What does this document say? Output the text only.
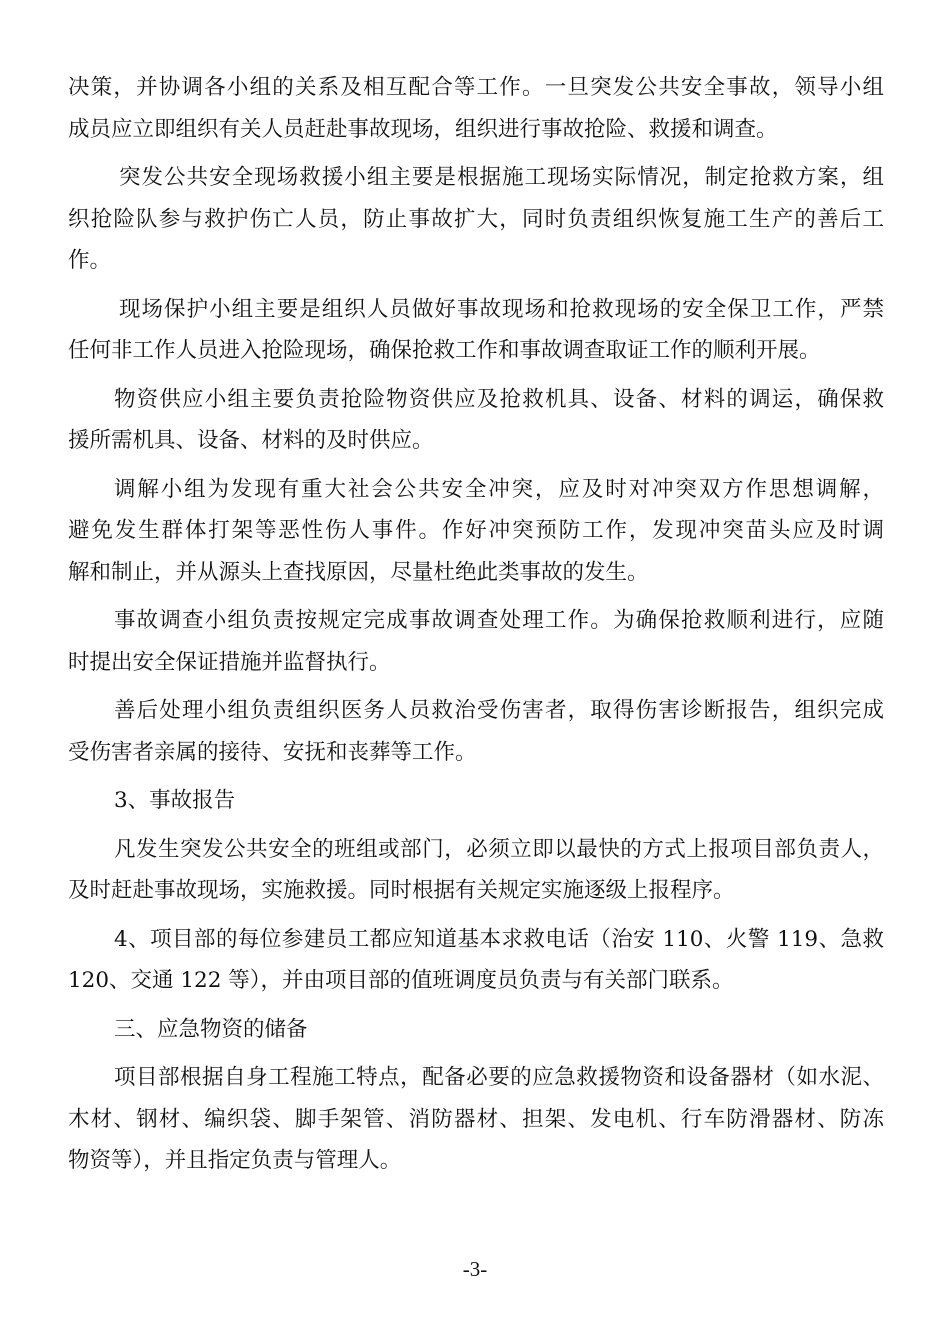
决策，并协调各小组的关系及相互配合等工作。一旦突发公共安全事故，领导小组
成员应立即组织有关人员赶赴事故现场，组织进行事故抢险、救援和调查。

突发公共安全现场救援小组主要是根据施工现场实际情况，制定抢救方案，组
织抢险队参与救护伤亡人员，防止事故扩大，同时负责组织恢复施工生产的善后工
作。

现场保护小组主要是组织人员做好事故现场和抢救现场的安全保卫工作，严禁
任何非工作人员进入抢险现场，确保抢救工作和事故调查取证工作的顺利开展。

物资供应小组主要负责抢险物资供应及抢救机具、设备、材料的调运，确保救
援所需机具、设备、材料的及时供应。

调解小组为发现有重大社会公共安全冲突，应及时对冲突双方作思想调解，
避免发生群体打架等恶性伤人事件。作好冲突预防工作，发现冲突苗头应及时调
解和制止，并从源头上查找原因，尽量杜绝此类事故的发生。

事故调查小组负责按规定完成事故调查处理工作。为确保抢救顺利进行，应随
时提出安全保证措施并监督执行。

善后处理小组负责组织医务人员救治受伤害者，取得伤害诊断报告，组织完成
受伤害者亲属的接待、安抚和丧葬等工作。

3、事故报告

凡发生突发公共安全的班组或部门，必须立即以最快的方式上报项目部负责人，
及时赶赴事故现场，实施救援。同时根据有关规定实施逐级上报程序。

4、项目部的每位参建员工都应知道基本求救电话（治安 110、火警 119、急救
120、交通 122 等），并由项目部的值班调度员负责与有关部门联系。

三、应急物资的储备

项目部根据自身工程施工特点，配备必要的应急救援物资和设备器材（如水泥、
木材、钢材、编织袋、脚手架管、消防器材、担架、发电机、行车防滑器材、防冻
物资等），并且指定负责与管理人。

-3-
